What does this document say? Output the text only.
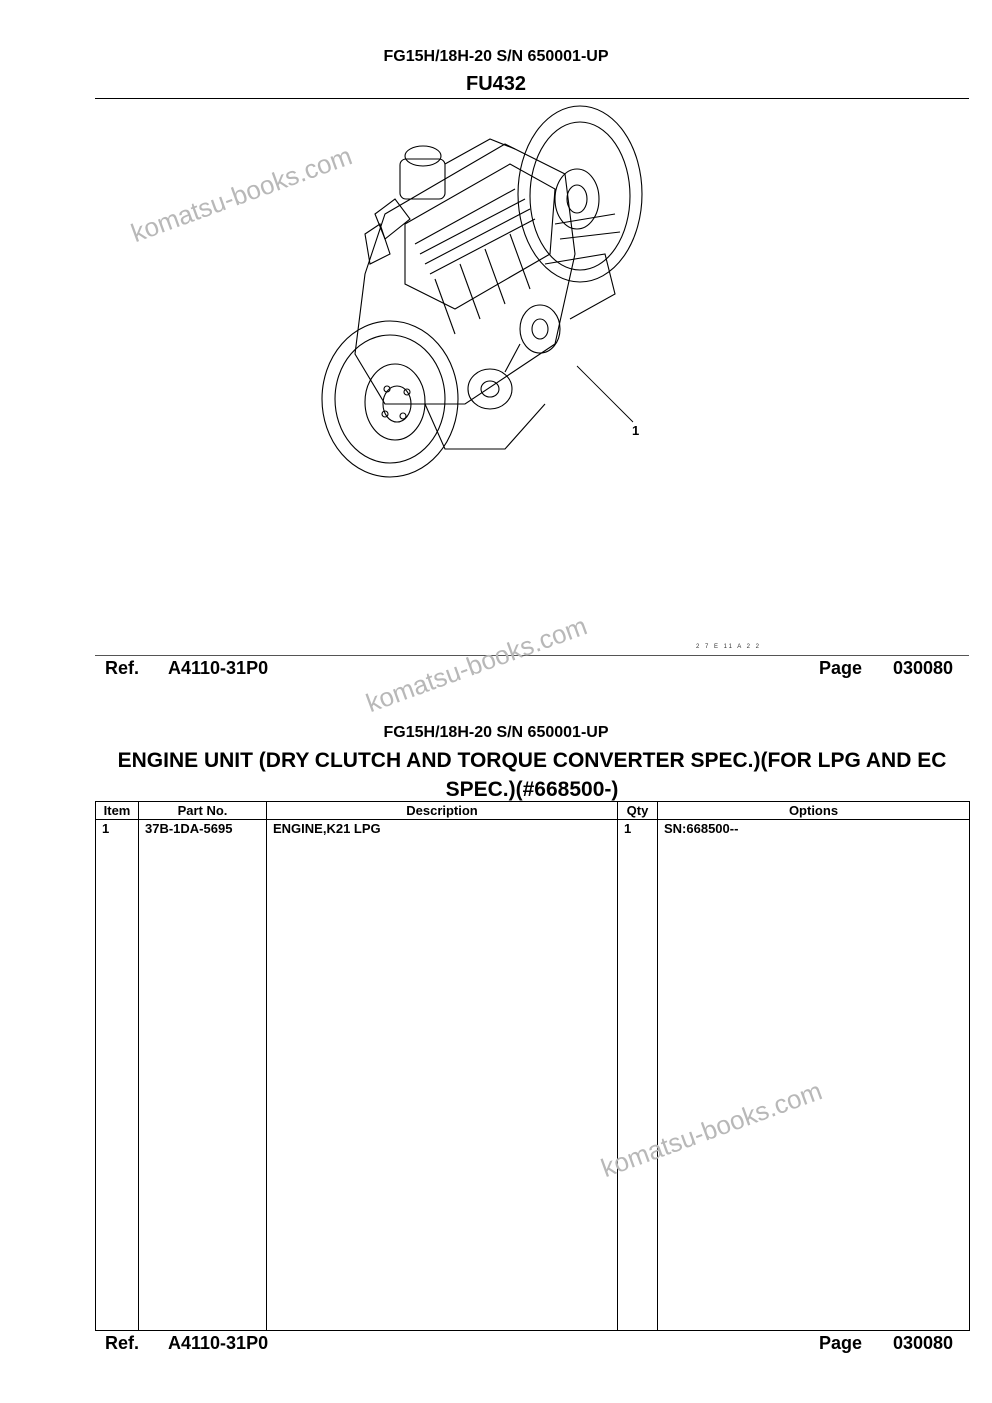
FG15H/18H-20 S/N 650001-UP
FU432
1
2 7 E 11 A 2 2
Ref. A4110-31P0	Page 030080
FG15H/18H-20 S/N 650001-UP
ENGINE UNIT (DRY CLUTCH AND TORQUE CONVERTER SPEC.)(FOR LPG AND EC SPEC.)(#668500-)
Item	Part No.	Description	Qty	Options
1	37B-1DA-5695	ENGINE,K21 LPG	1	SN:668500--

Ref. A4110-31P0	Page 030080
komatsu-books.com
komatsu-books.com
komatsu-books.com
